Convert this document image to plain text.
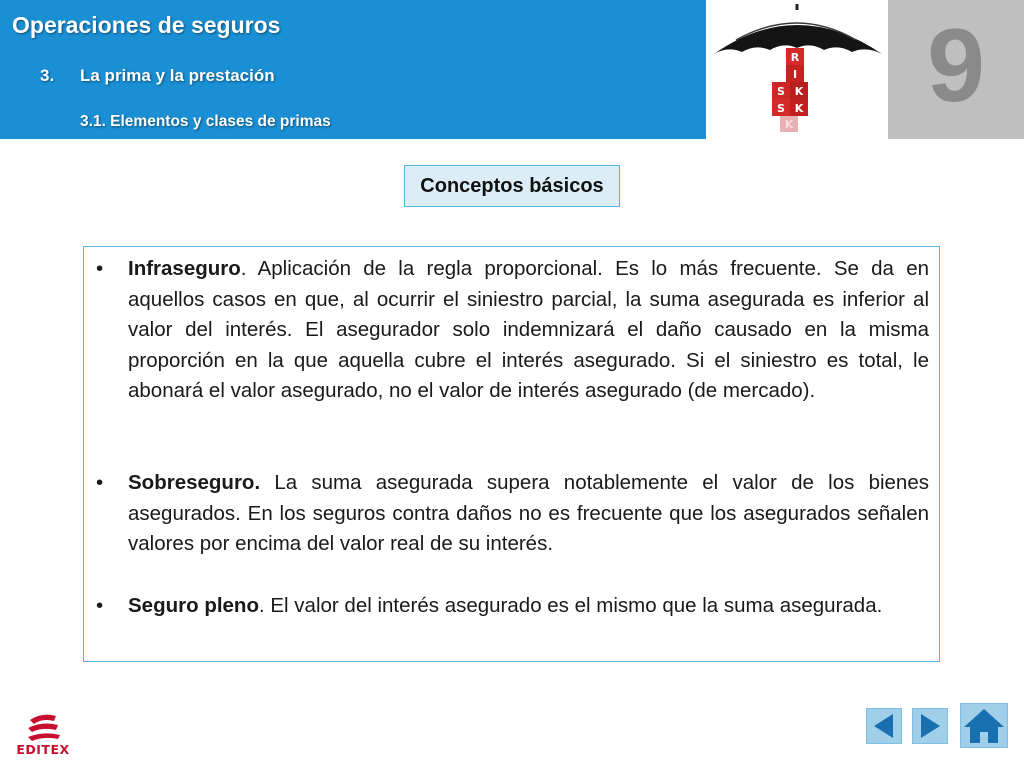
Operaciones de seguros
3. La prima y la prestación
3.1. Elementos y clases de primas
R
I
S K
S K
K
9
Conceptos básicos
• Infraseguro. Aplicación de la regla proporcional. Es lo más frecuente. Se da en aquellos casos en que, al ocurrir el siniestro parcial, la suma asegurada es inferior al valor del interés. El asegurador solo indemnizará el daño causado en la misma proporción en la que aquella cubre el interés asegurado. Si el siniestro es total, le abonará el valor asegurado, no el valor de interés asegurado (de mercado).
• Sobreseguro. La suma asegurada supera notablemente el valor de los bienes asegurados. En los seguros contra daños no es frecuente que los asegurados señalen valores por encima del valor real de su interés.
• Seguro pleno. El valor del interés asegurado es el mismo que la suma asegurada.
EDITEX
